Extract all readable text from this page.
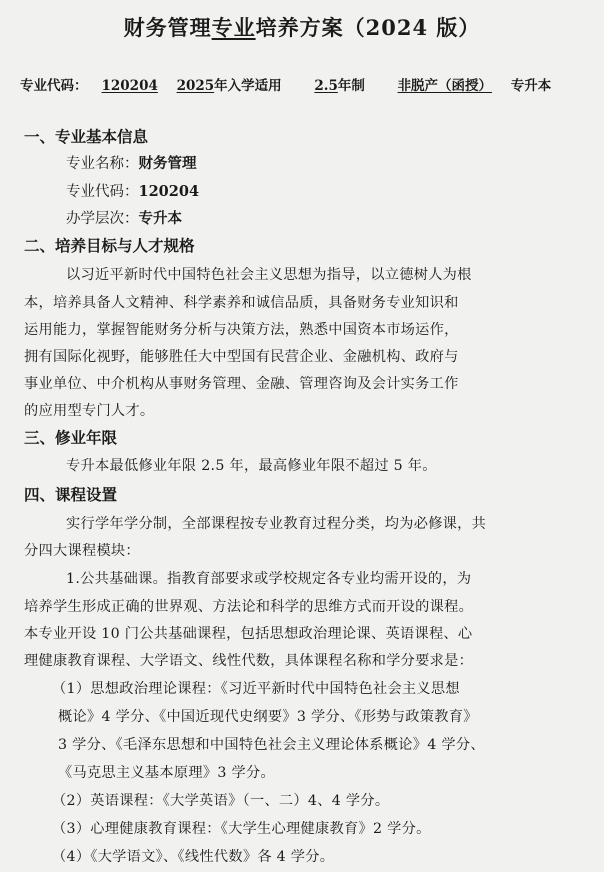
财务管理专业培养方案（2024 版）
专业代码： 120204 2025年入学适用 2.5年制 非脱产（函授） 专升本
一、专业基本信息
专业名称：财务管理
专业代码：120204
办学层次：专升本
二、培养目标与人才规格
以习近平新时代中国特色社会主义思想为指导，以立德树人为根
本，培养具备人文精神、科学素养和诚信品质，具备财务专业知识和
运用能力，掌握智能财务分析与决策方法，熟悉中国资本市场运作，
拥有国际化视野，能够胜任大中型国有民营企业、金融机构、政府与
事业单位、中介机构从事财务管理、金融、管理咨询及会计实务工作
的应用型专门人才。
三、修业年限
专升本最低修业年限 2.5 年，最高修业年限不超过 5 年。
四、课程设置
实行学年学分制，全部课程按专业教育过程分类，均为必修课，共
分四大课程模块：
1.公共基础课。指教育部要求或学校规定各专业均需开设的，为
培养学生形成正确的世界观、方法论和科学的思维方式而开设的课程。
本专业开设 10 门公共基础课程，包括思想政治理论课、英语课程、心
理健康教育课程、大学语文、线性代数，具体课程名称和学分要求是：
（1）思想政治理论课程：《习近平新时代中国特色社会主义思想
概论》4 学分、《中国近现代史纲要》3 学分、《形势与政策教育》
3 学分、《毛泽东思想和中国特色社会主义理论体系概论》4 学分、
《马克思主义基本原理》3 学分。
（2）英语课程：《大学英语》（一、二）4、4 学分。
（3）心理健康教育课程：《大学生心理健康教育》2 学分。
（4）《大学语文》、《线性代数》各 4 学分。
